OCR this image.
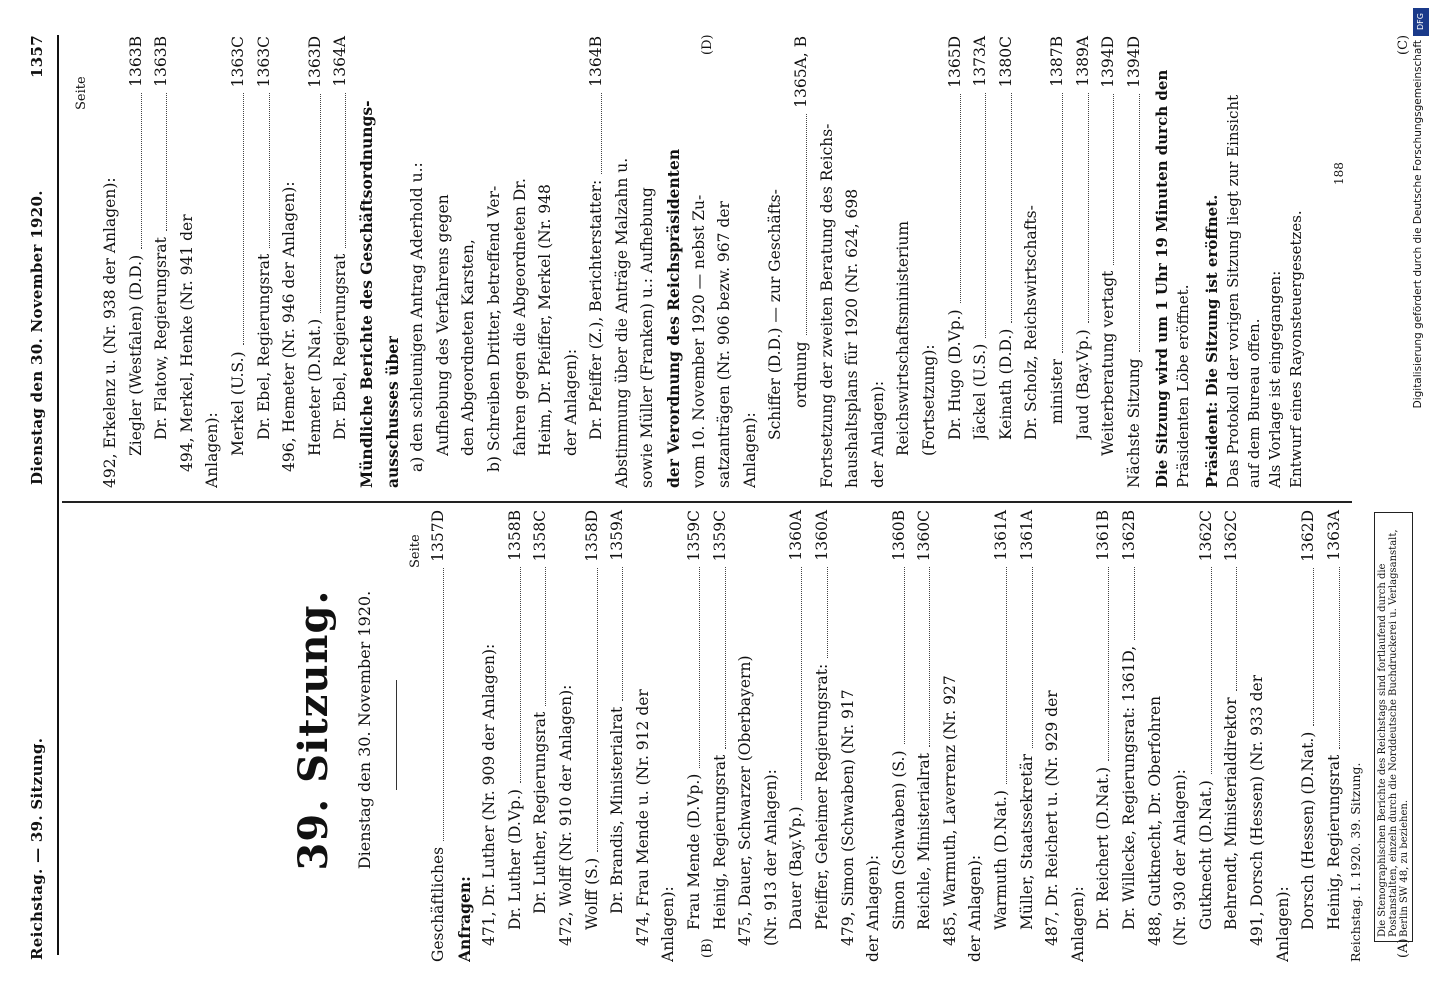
Reichstag. — 39. Sitzung.
Dienstag den 30. November 1920.
1357
(A)
(B)
(C)
(D)
39. Sitzung. Dienstag den 30. November 1920.
Seite
Seite
Geschäftliches
1357D
Anfragen: 471, Dr. Luther (Nr. 909 der Anlagen): Dr. Luther (D.Vp.)
1358B
Dr. Luther, Regierungsrat
1358C
472, Wolff (Nr. 910 der Anlagen): Wolff (S.)
1358D
Dr. Brandis, Ministerialrat
1359A
474, Frau Mende u. (Nr. 912 der Anlagen): Frau Mende (D.Vp.)
1359C
Heinig, Regierungsrat
1359C
475, Dauer, Schwarzer (Oberbayern) (Nr. 913 der Anlagen): Dauer (Bay.Vp.)
1360A
Pfeiffer, Geheimer Regierungsrat:
1360A
479, Simon (Schwaben) (Nr. 917 der Anlagen): Simon (Schwaben) (S.)
1360B
Reichle, Ministerialrat
1360C
485, Warmuth, Laverrenz (Nr. 927 der Anlagen): Warmuth (D.Nat.)
1361A
Müller, Staatssekretär
1361A
487, Dr. Reichert u. (Nr. 929 der Anlagen): Dr. Reichert (D.Nat.)
1361B
Dr. Willecke, Regierungsrat: 1361D,
1362B
488, Gutknecht, Dr. Oberfohren (Nr. 930 der Anlagen): Gutknecht (D.Nat.)
1362C
Behrendt, Ministerialdirektor
1362C
491, Dorsch (Hessen) (Nr. 933 der Anlagen): Dorsch (Hessen) (D.Nat.)
1362D
Heinig, Regierungsrat
1363A
Reichstag. I. 1920. 39. Sitzung.	Die Stenographischen Berichte des Reichstags sind fortlaufend durch die Postanstalten, einzeln durch die Norddeutsche Buchdruckerei u. Verlagsanstalt, Berlin SW 48, zu beziehen.
492, Erkelenz u. (Nr. 938 der Anlagen): Ziegler (Westfalen) (D.D.)
1363B
Dr. Flatow, Regierungsrat
1363B
494, Merkel, Henke (Nr. 941 der Anlagen): Merkel (U.S.)
1363C
Dr. Ebel, Regierungsrat
1363C
496, Hemeter (Nr. 946 der Anlagen): Hemeter (D.Nat.)
1363D
Dr. Ebel, Regierungsrat
1364A
Mündliche Berichte des Geschäftsordnungs- ausschusses über a) den schleunigen Antrag Aderhold u.: Aufhebung des Verfahrens gegen den Abgeordneten Karsten, b) Schreiben Dritter, betreffend Ver- fahren gegen die Abgeordneten Dr. Heim, Dr. Pfeiffer, Merkel (Nr. 948 der Anlagen): Dr. Pfeiffer (Z.), Berichterstatter:
1364B
Abstimmung über die Anträge Malzahn u. sowie Müller (Franken) u.: Aufhebung der Verordnung des Reichspräsidenten vom 10. November 1920 — nebst Zu- satzanträgen (Nr. 906 bezw. 967 der Anlagen):
Schiffer (D.D.) — zur Geschäfts- ordnung
1365A, B
Fortsetzung der zweiten Beratung des Reichs- haushaltsplans für 1920 (Nr. 624, 698 der Anlagen): Reichswirtschaftsministerium (Fortsetzung): Dr. Hugo (D.Vp.)
1365D
Jäckel (U.S.)
1373A
Keinath (D.D.)
1380C
Dr. Scholz, Reichswirtschafts- minister
1387B
Jaud (Bay.Vp.)
1389A
Weiterberatung vertagt
1394D
Nächste Sitzung
1394D
Die Sitzung wird um 1 Uhr 19 Minuten durch den Präsidenten Löbe eröffnet. Präsident: Die Sitzung ist eröffnet. Das Protokoll der vorigen Sitzung liegt zur Einsicht auf dem Bureau offen. Als Vorlage ist eingegangen: Entwurf eines Rayonsteuergesetzes.
188
DFG
Digitalisierung gefördert durch die Deutsche Forschungsgemeinschaft
